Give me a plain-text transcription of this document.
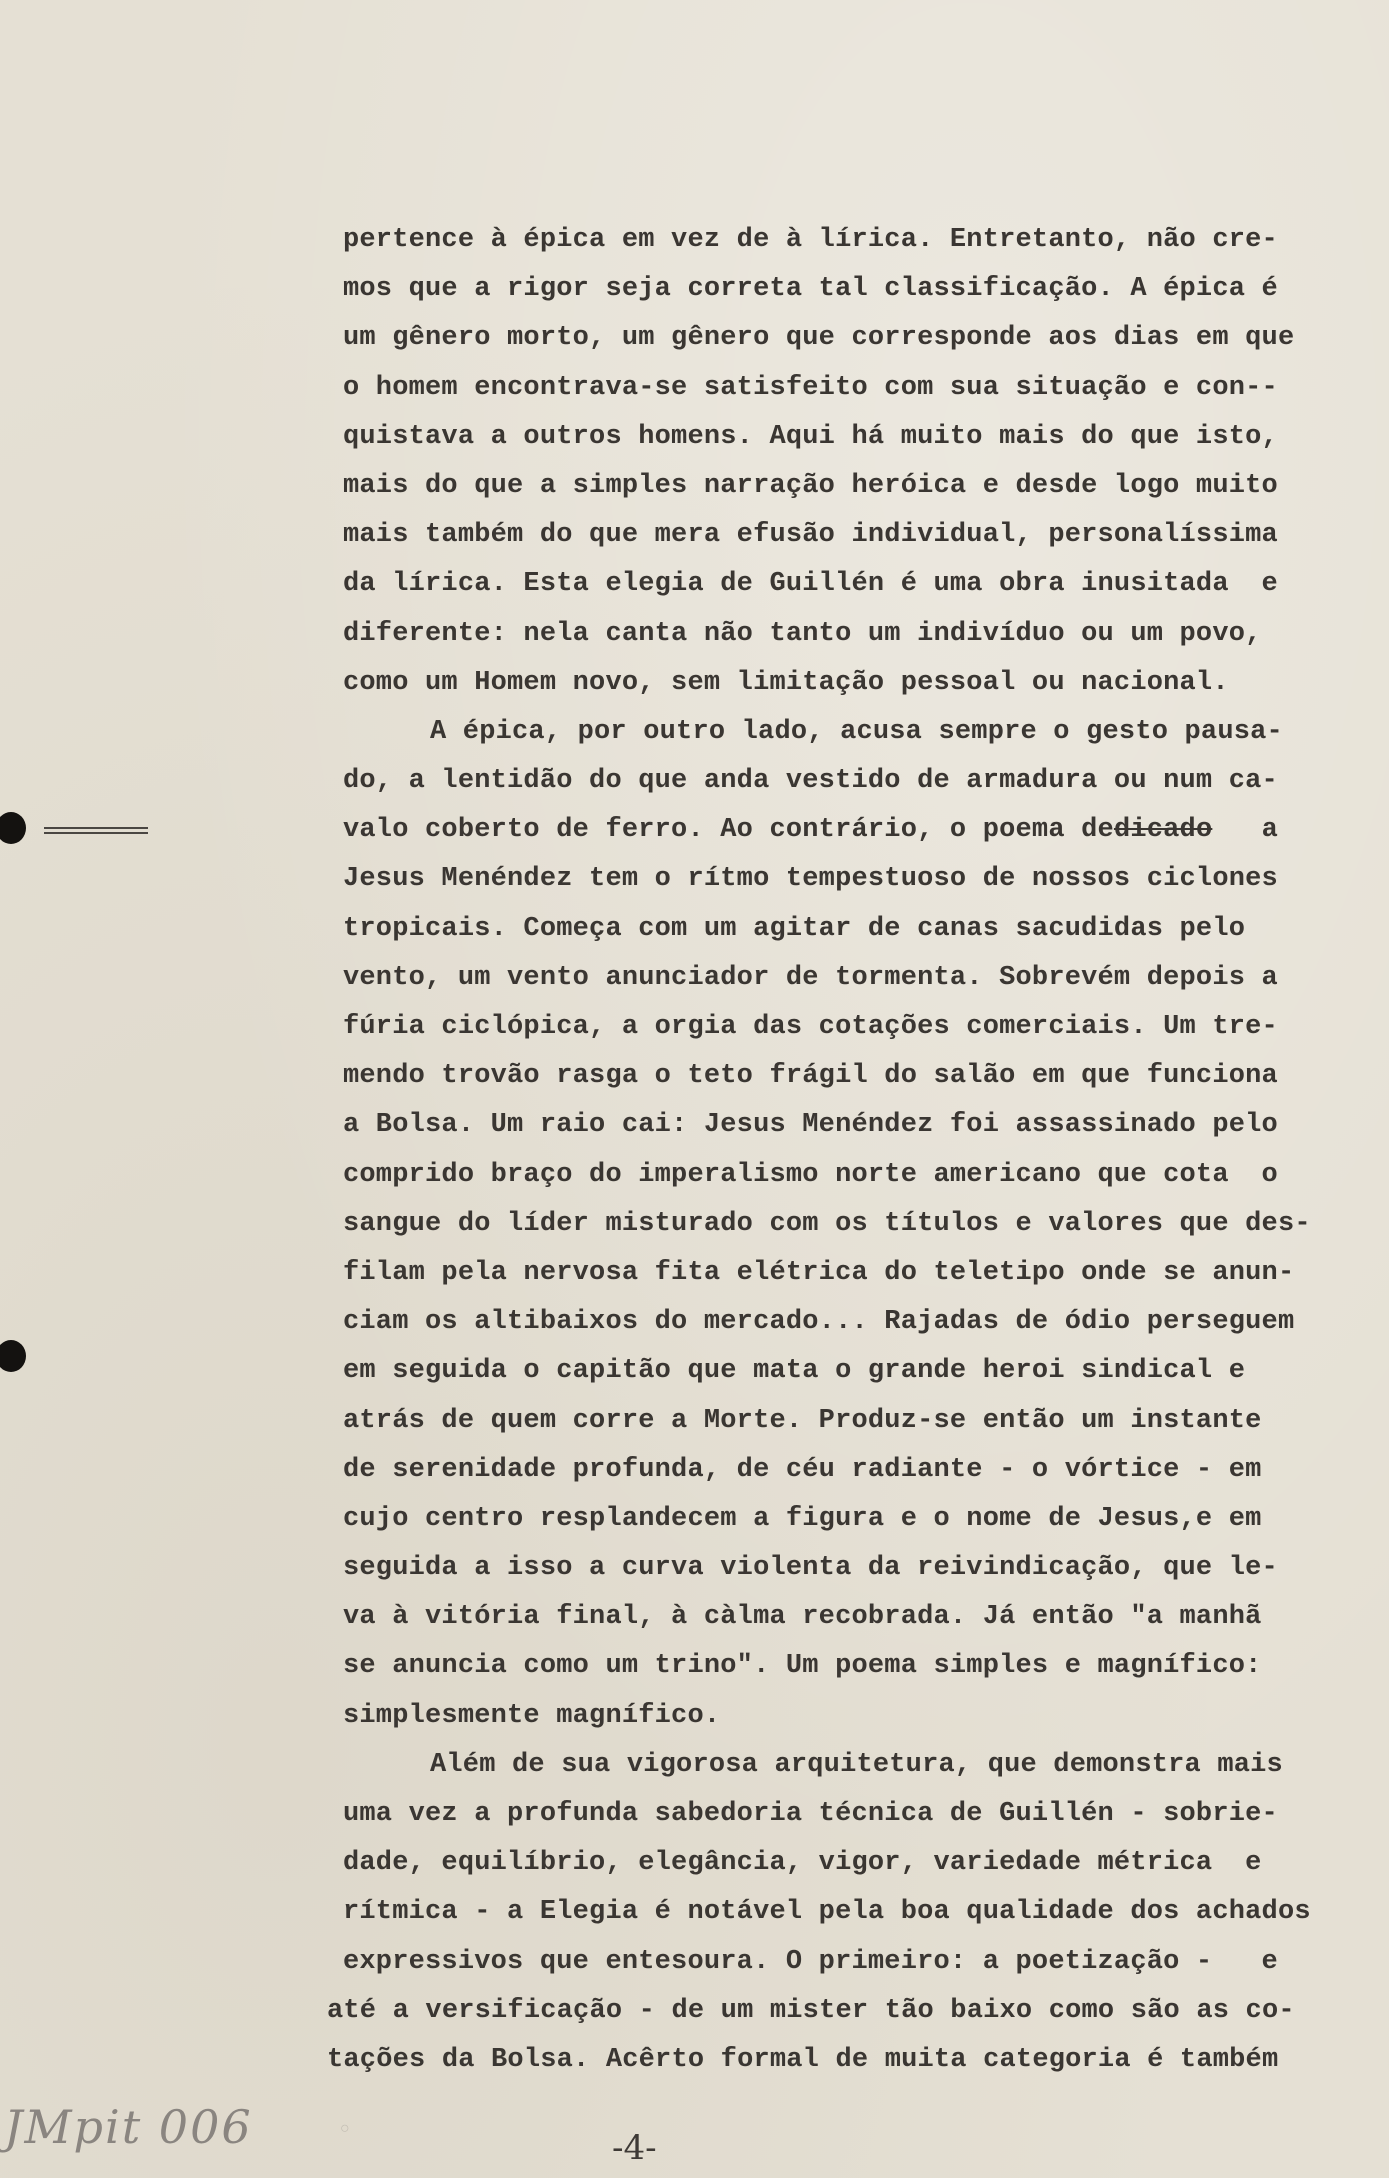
pertence à épica em vez de à lírica. Entretanto, não cre-
mos que a rigor seja correta tal classificação. A épica é
um gênero morto, um gênero que corresponde aos dias em que
o homem encontrava-se satisfeito com sua situação e con--
quistava a outros homens. Aqui há muito mais do que isto,
mais do que a simples narração heróica e desde logo muito
mais também do que mera efusão individual, personalíssima
da lírica. Esta elegia de Guillén é uma obra inusitada  e
diferente: nela canta não tanto um indivíduo ou um povo,
como um Homem novo, sem limitação pessoal ou nacional.
A épica, por outro lado, acusa sempre o gesto pausa-
do, a lentidão do que anda vestido de armadura ou num ca-
valo coberto de ferro. Ao contrário, o poema dedicado   a
Jesus Menéndez tem o rítmo tempestuoso de nossos ciclones
tropicais. Começa com um agitar de canas sacudidas pelo
vento, um vento anunciador de tormenta. Sobrevém depois a
fúria ciclópica, a orgia das cotações comerciais. Um tre-
mendo trovão rasga o teto frágil do salão em que funciona
a Bolsa. Um raio cai: Jesus Menéndez foi assassinado pelo
comprido braço do imperalismo norte americano que cota  o
sangue do líder misturado com os títulos e valores que des-
filam pela nervosa fita elétrica do teletipo onde se anun-
ciam os altibaixos do mercado... Rajadas de ódio perseguem
em seguida o capitão que mata o grande heroi sindical e
atrás de quem corre a Morte. Produz-se então um instante
de serenidade profunda, de céu radiante - o vórtice - em
cujo centro resplandecem a figura e o nome de Jesus,e em
seguida a isso a curva violenta da reivindicação, que le-
va à vitória final, à càlma recobrada. Já então "a manhã
se anuncia como um trino". Um poema simples e magnífico:
simplesmente magnífico.
Além de sua vigorosa arquitetura, que demonstra mais
uma vez a profunda sabedoria técnica de Guillén - sobrie-
dade, equilíbrio, elegância, vigor, variedade métrica  e
rítmica - a Elegia é notável pela boa qualidade dos achados
expressivos que entesoura. O primeiro: a poetização -   e
até a versificação - de um mister tão baixo como são as co-
tações da Bolsa. Acêrto formal de muita categoria é também
○
JMpit 006	-4-
